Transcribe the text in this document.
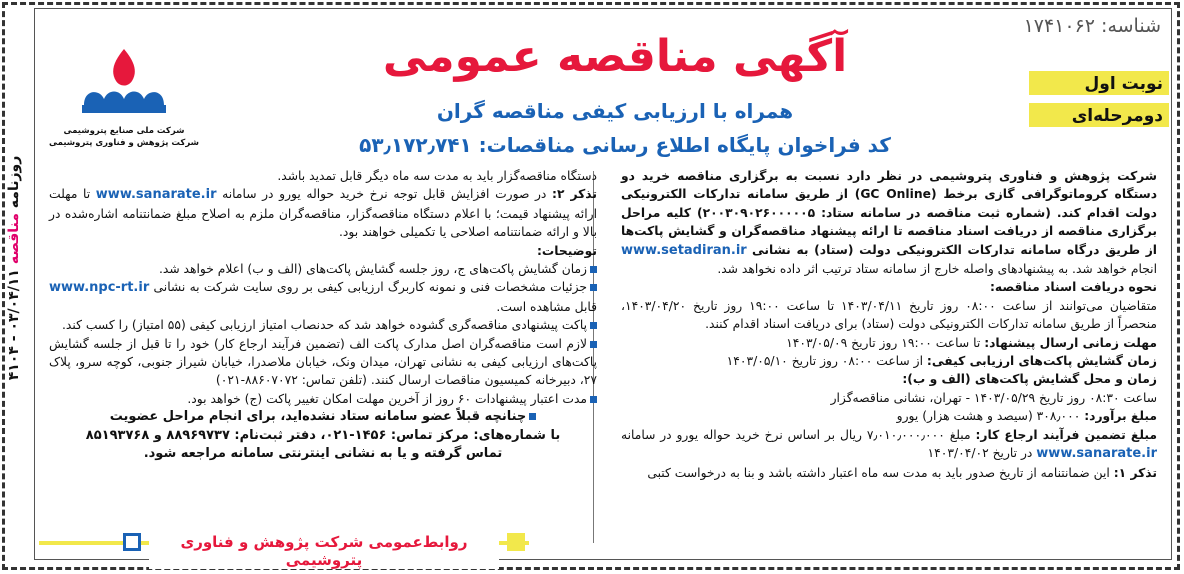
روزنامه مناقصه ۰۳/۰۴/۱۱ - ۴۱۰۴
شناسه: ۱۷۴۱۰۶۲
شرکت ملی صنایع پتروشیمی
شرکت پژوهش و فناوری پتروشیمی
آگهی مناقصه عمومی
همراه با ارزیابی کیفی مناقصه گران
کد فراخوان پایگاه اطلاع رسانی مناقصات: ۵۳٫۱۷۲٫۷۴۱
نوبت اول
دومرحله‌ای

شرکت پژوهش و فناوری پتروشیمی در نظر دارد نسبت به برگزاری مناقصه خرید دو دستگاه کروماتوگرافی گازی برخط (GC Online) از طریق سامانه تدارکات الکترونیکی دولت اقدام کند. (شماره ثبت مناقصه در سامانه ستاد: ۲۰۰۳۰۹۰۲۶۰۰۰۰۰۵) کلیه مراحل برگزاری مناقصه از دریافت اسناد مناقصه تا ارائه پیشنهاد مناقصه‌گران و گشایش پاکت‌ها از طریق درگاه سامانه تدارکات الکترونیکی دولت (ستاد) به نشانی www.setadiran.ir انجام خواهد شد. به پیشنهادهای واصله خارج از سامانه ستاد ترتیب اثر داده نخواهد شد.

نحوه دریافت اسناد مناقصه:

متقاضیان می‌توانند از ساعت ۰۸:۰۰ روز تاریخ ۱۴۰۳/۰۴/۱۱ تا ساعت ۱۹:۰۰ روز تاریخ ۱۴۰۳/۰۴/۲۰، منحصراً از طریق سامانه تدارکات الکترونیکی دولت (ستاد) برای دریافت اسناد اقدام کنند.

مهلت زمانی ارسال پیشنهاد: تا ساعت ۱۹:۰۰ روز تاریخ ۱۴۰۳/۰۵/۰۹

زمان گشایش پاکت‌های ارزیابی کیفی: از ساعت ۰۸:۰۰ روز تاریخ ۱۴۰۳/۰۵/۱۰

زمان و محل گشایش پاکت‌های (الف و ب):

ساعت ۰۸:۳۰ روز تاریخ ۱۴۰۳/۰۵/۲۹ - تهران، نشانی مناقصه‌گزار

مبلغ برآورد: ۳۰۸٫۰۰۰ (سیصد و هشت هزار) یورو

مبلغ تضمین فرآیند ارجاع کار: مبلغ ۷٫۰۱۰٫۰۰۰٫۰۰۰ ریال بر اساس نرخ خرید حواله یورو در سامانه www.sanarate.ir در تاریخ ۱۴۰۳/۰۴/۰۲

تذکر ۱: این ضمانتنامه از تاریخ صدور باید به مدت سه ماه اعتبار داشته باشد و بنا به درخواست کتبی

دستگاه مناقصه‌گزار باید به مدت سه ماه دیگر قابل تمدید باشد.

تذکر ۲: در صورت افزایش قابل توجه نرخ خرید حواله یورو در سامانه www.sanarate.ir تا مهلت ارائه پیشنهاد قیمت؛ با اعلام دستگاه مناقصه‌گزار، مناقصه‌گران ملزم به اصلاح مبلغ ضمانتنامه اشاره‌شده در بالا و ارائه ضمانتنامه اصلاحی یا تکمیلی خواهند بود.

توضیحات:

زمان گشایش پاکت‌های ج، روز جلسه گشایش پاکت‌های (الف و ب) اعلام خواهد شد.

جزئیات مشخصات فنی و نمونه کاربرگ ارزیابی کیفی بر روی سایت شرکت به نشانی www.npc-rt.ir قابل مشاهده است.

پاکت پیشنهادی مناقصه‌گری گشوده خواهد شد که حدنصاب امتیاز ارزیابی کیفی (۵۵ امتیاز) را کسب کند.

لازم است مناقصه‌گران اصل مدارک پاکت الف (تضمین فرآیند ارجاع کار) خود را تا قبل از جلسه گشایش پاکت‌های ارزیابی کیفی به نشانی تهران، میدان ونک، خیابان ملاصدرا، خیابان شیراز جنوبی، کوچه سرو، پلاک ۲۷، دبیرخانه کمیسیون مناقصات ارسال کنند. (تلفن تماس: ۸۸۶۰۷۰۷۲-۰۲۱)

مدت اعتبار پیشنهادات ۶۰ روز از آخرین مهلت امکان تغییر پاکت (ج) خواهد بود.

چنانچه قبلاً عضو سامانه ستاد نشده‌اید، برای انجام مراحل عضویت

با شماره‌های: مرکز تماس: ۱۴۵۶-۰۲۱، دفتر ثبت‌نام: ۸۸۹۶۹۷۳۷ و ۸۵۱۹۳۷۶۸

تماس گرفته و یا به نشانی اینترنتی سامانه مراجعه شود.

روابط‌عمومی شرکت پژوهش و فناوری پتروشیمی
